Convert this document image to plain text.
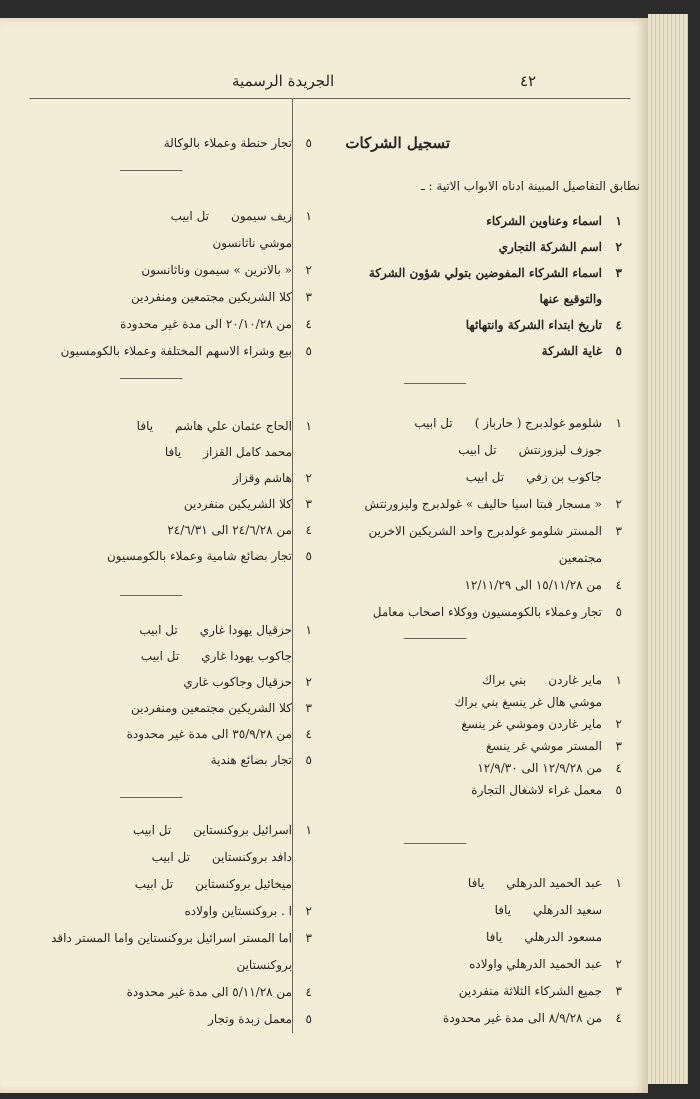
الجريدة الرسمية	٤٢
تسجيل الشركات
نطابق التفاصيل المبينة ادناه الابواب الاتية : ـ
١اسماء وعناوين الشركاء
٢اسم الشركة التجاري
٣اسماء الشركاء المفوضين بتولي شؤون الشركة
والتوقيع عنها
٤تاريخ ابتداء الشركة وانتهائها
٥غاية الشركة
١شلومو غولدبرج ( حارباز )تل ابيب
جوزف ليزورنتشتل ابيب
جاكوب بن زفيتل ابيب
٢« مسجار فبتا اسيا حاليف » غولدبرج وليزورنتش
٣المستر شلومو غولدبرج واحد الشريكين الاخرين
مجتمعين
٤من ١٥/١١/٢٨ الى ١٢/١١/٢٩
٥تجار وعملاء بالكومسيون ووكلاء اصحاب معامل
١ماير غاردنبني براك
موشي هال غر ينسغ بني براك
٢ماير غاردن وموشي غر ينسغ
٣المستر موشي غر ينسغ
٤من ١٢/٩/٢٨ الى ١٢/٩/٣٠
٥معمل غراء لاشغال التجارة
١عبد الحميد الدرهلييافا
سعيد الدرهلييافا
مسعود الدرهلييافا
٢عبد الحميد الدرهلي واولاده
٣جميع الشركاء الثلاثة منفردين
٤من ٨/٩/٢٨ الى مدة غير محدودة
٥تجار حنطة وعملاء بالوكالة
١زيف سيمونتل ابيب
موشي ناثانسون
٢« بالاترين » سيمون وناثانسون
٣كلا الشريكين مجتمعين ومنفردين
٤من ٢٠/١٠/٢٨ الى مدة غير محدودة
٥بيع وشراء الاسهم المختلفة وعملاء بالكومسيون
١الحاج عثمان علي هاشميافا
محمد كامل القزازيافا
٢هاشم وقزاز
٣كلا الشريكين منفردين
٤من ٢٤/٦/٢٨ الى ٢٤/٦/٣١
٥تجار بضائع شامية وعملاء بالكومسيون
١حزقيال يهودا غاريتل ابيب
جاكوب يهودا غاريتل ابيب
٢حزقيال وجاكوب غاري
٣كلا الشريكين مجتمعين ومنفردين
٤من ٣٥/٩/٢٨ الى مدة غير محدودة
٥تجار بضائع هندية
١اسرائيل بروكنستاينتل ابيب
دافد بروكنستاينتل ابيب
ميخائيل بروكنستاينتل ابيب
٢ا . بروكنستاين واولاده
٣اما المستر اسرائيل بروكنستاين واما المستر داقد
بروكنستاين
٤من ٥/١١/٢٨ الى مدة غير محدودة
٥معمل زبدة وتجار
